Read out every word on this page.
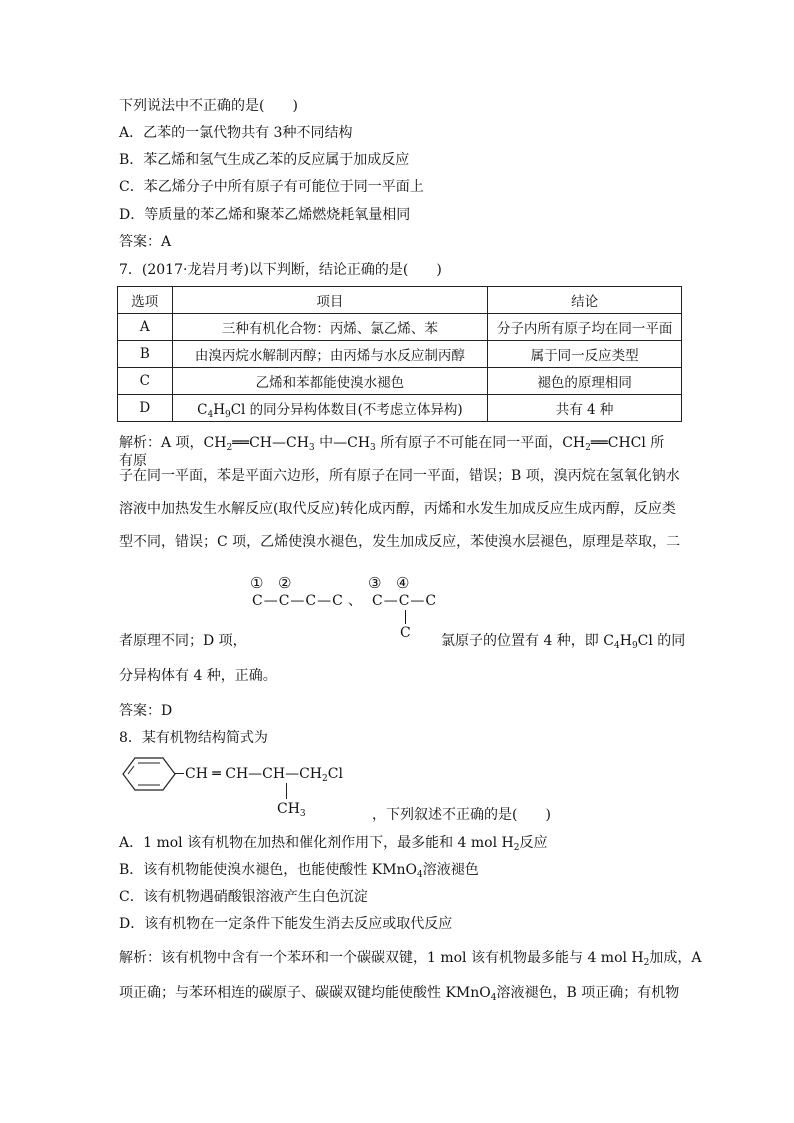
下列说法中不正确的是(　　)
A．乙苯的一氯代物共有 3种不同结构
B．苯乙烯和氢气生成乙苯的反应属于加成反应
C．苯乙烯分子中所有原子有可能位于同一平面上
D．等质量的苯乙烯和聚苯乙烯燃烧耗氧量相同
答案：A
7．(2017·龙岩月考)以下判断，结论正确的是(　　)
选项	项目	结论
A	三种有机化合物：丙烯、氯乙烯、苯	分子内所有原子均在同一平面
B	由溴丙烷水解制丙醇；由丙烯与水反应制丙醇	属于同一反应类型
C	乙烯和苯都能使溴水褪色	褪色的原理相同
D	$C_4H_9Cl$ 的同分异构体数目(不考虑立体异构)	共有 4 种
解析：A 项，$CH_2══CH—CH_3$ 中$—CH_3$ 所有原子不可能在同一平面，$CH_2══CHCl$ 所有原
子在同一平面，苯是平面六边形，所有原子在同一平面，错误；B 项，溴丙烷在氢氧化钠水
溶液中加热发生水解反应(取代反应)转化成丙醇，丙烯和水发生加成反应生成丙醇，反应类
型不同，错误；C 项，乙烯使溴水褪色，发生加成反应，苯使溴水层褪色，原理是萃取，二
① ②	③ ④
C—C—C—C 、 C—C—C
C
者原理不同；D 项，	氯原子的位置有 4 种，即 $C_4H_9Cl$ 的同
分异构体有 4 种，正确。
答案：D
8．某有机物结构简式为
CH ═ $CH—CH—CH_2Cl$
$CH_3$	，下列叙述不正确的是(　　)
A．1 mol 该有机物在加热和催化剂作用下，最多能和 4 mol $H_2$反应
B．该有机物能使溴水褪色，也能使酸性 KMnO$_4$溶液褪色
C．该有机物遇硝酸银溶液产生白色沉淀
D．该有机物在一定条件下能发生消去反应或取代反应
解析：该有机物中含有一个苯环和一个碳碳双键，1 mol 该有机物最多能与 4 mol $H_2$加成，A
项正确；与苯环相连的碳原子、碳碳双键均能使酸性 KMnO$_4$溶液褪色，B 项正确；有机物
